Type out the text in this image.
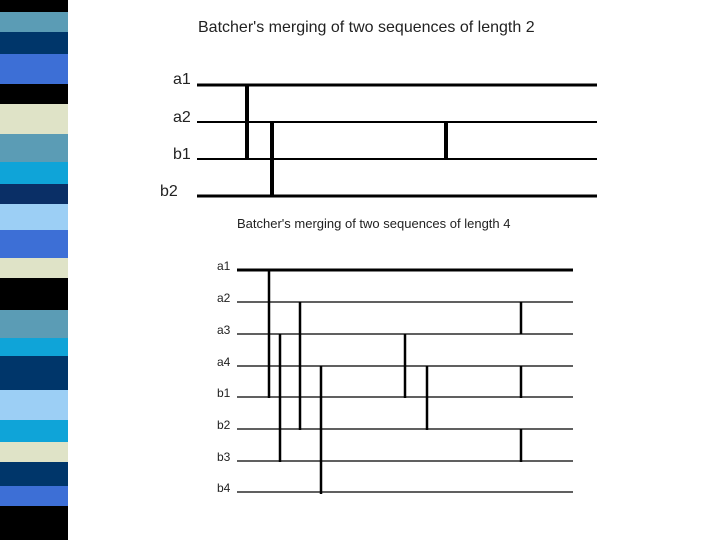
Batcher's merging of two sequences of length 2
Batcher's merging of two sequences of length 4
a1
a2
b1
b2
a1
a2
a3
a4
b1
b2
b3
b4
